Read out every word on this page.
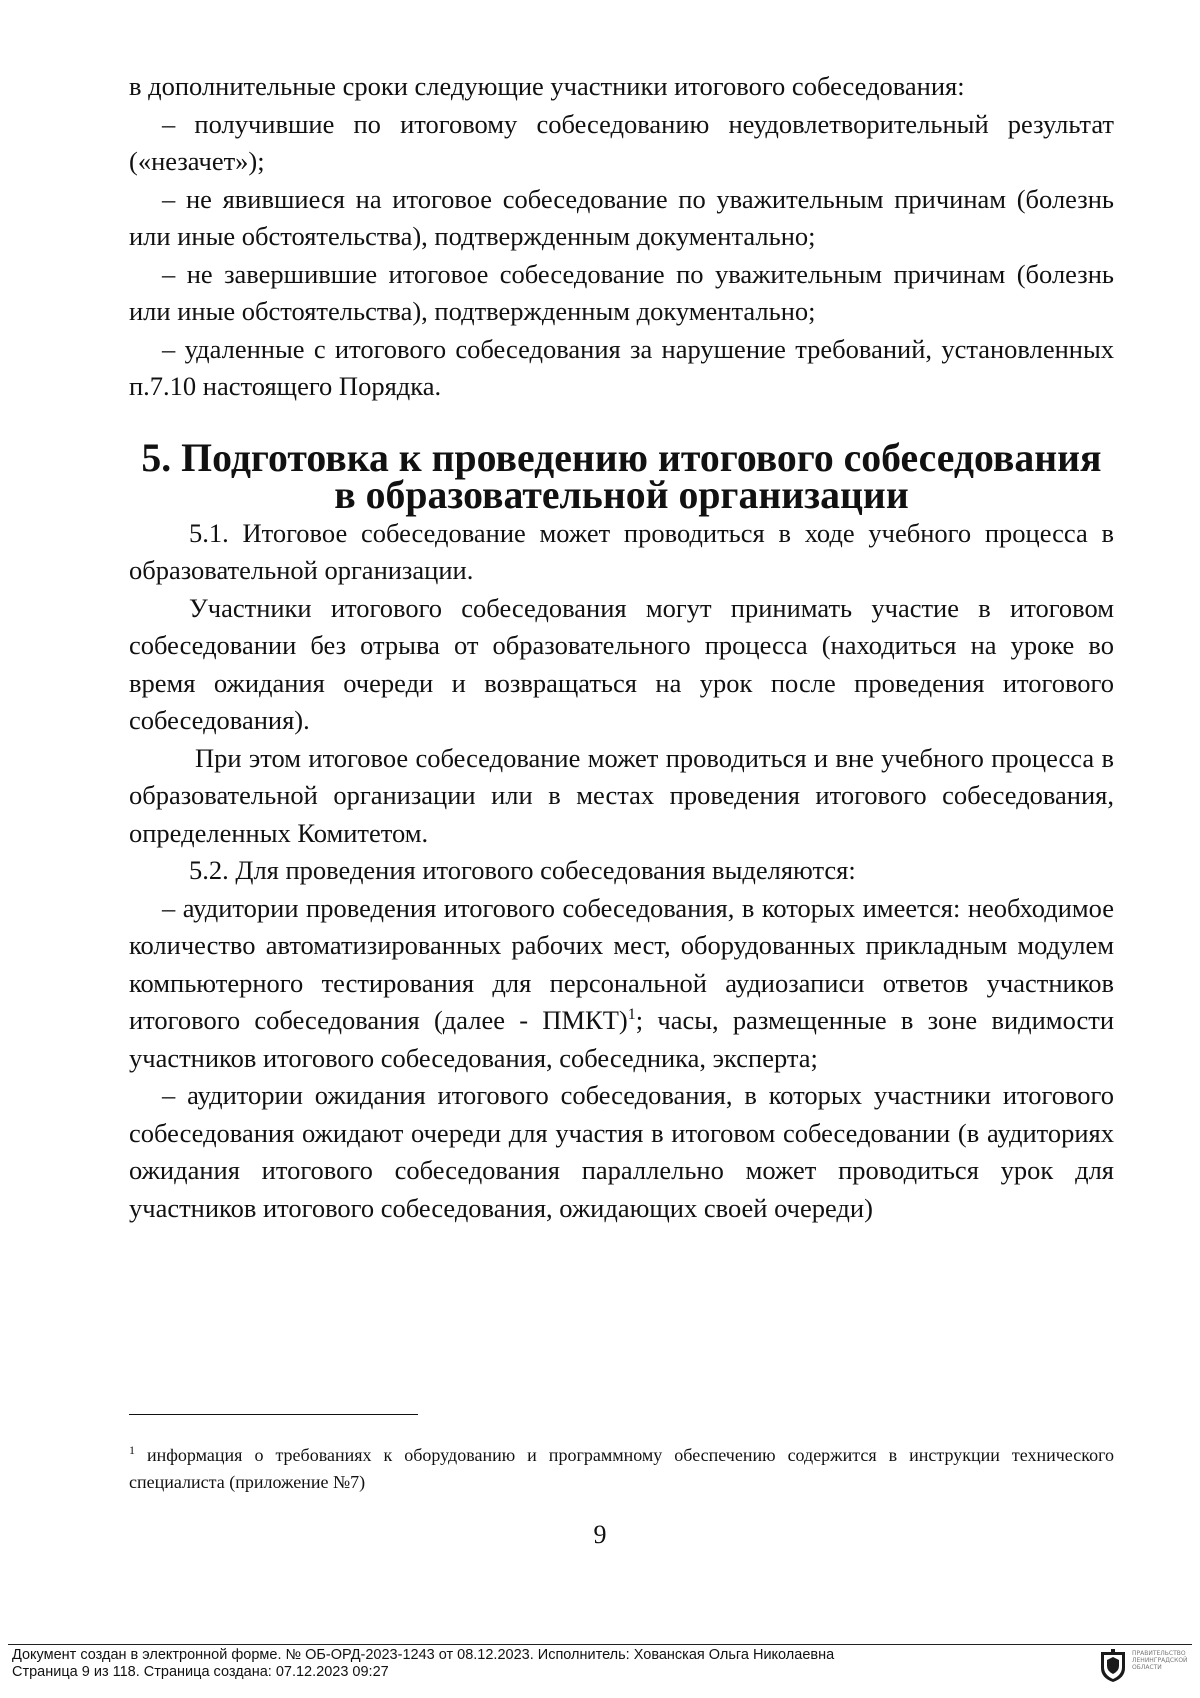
в дополнительные сроки следующие участники итогового собеседования:

– получившие по итоговому собеседованию неудовлетворительный результат («незачет»);

– не явившиеся на итоговое собеседование по уважительным причинам (болезнь или иные обстоятельства), подтвержденным документально;

– не завершившие итоговое собеседование по уважительным причинам (болезнь или иные обстоятельства), подтвержденным документально;

– удаленные с итогового собеседования за нарушение требований, установленных п.7.10 настоящего Порядка.

5. Подготовка к проведению итогового собеседования
в образовательной организации

5.1. Итоговое собеседование может проводиться в ходе учебного процесса в образовательной организации.

Участники итогового собеседования могут принимать участие в итоговом собеседовании без отрыва от образовательного процесса (находиться на уроке во время ожидания очереди и возвращаться на урок после проведения итогового собеседования).

При этом итоговое собеседование может проводиться и вне учебного процесса в образовательной организации или в местах проведения итогового собеседования, определенных Комитетом.

5.2. Для проведения итогового собеседования выделяются:

– аудитории проведения итогового собеседования, в которых имеется: необходимое количество автоматизированных рабочих мест, оборудованных прикладным модулем компьютерного тестирования для персональной аудиозаписи ответов участников итогового собеседования (далее - ПМКТ)$^1$; часы, размещенные в зоне видимости участников итогового собеседования, собеседника, эксперта;

– аудитории ожидания итогового собеседования, в которых участники итогового собеседования ожидают очереди для участия в итоговом собеседовании (в аудиториях ожидания итогового собеседования параллельно может проводиться урок для участников итогового собеседования, ожидающих своей очереди)

$^1$ информация о требованиях к оборудованию и программному обеспечению содержится в инструкции технического специалиста (приложение №7)

9
Документ создан в электронной форме. № ОБ-ОРД-2023-1243 от 08.12.2023. Исполнитель: Хованская Ольга Николаевна
Страница 9 из 118. Страница создана: 07.12.2023 09:27
ПРАВИТЕЛЬСТВО ЛЕНИНГРАДСКОЙ ОБЛАСТИ
